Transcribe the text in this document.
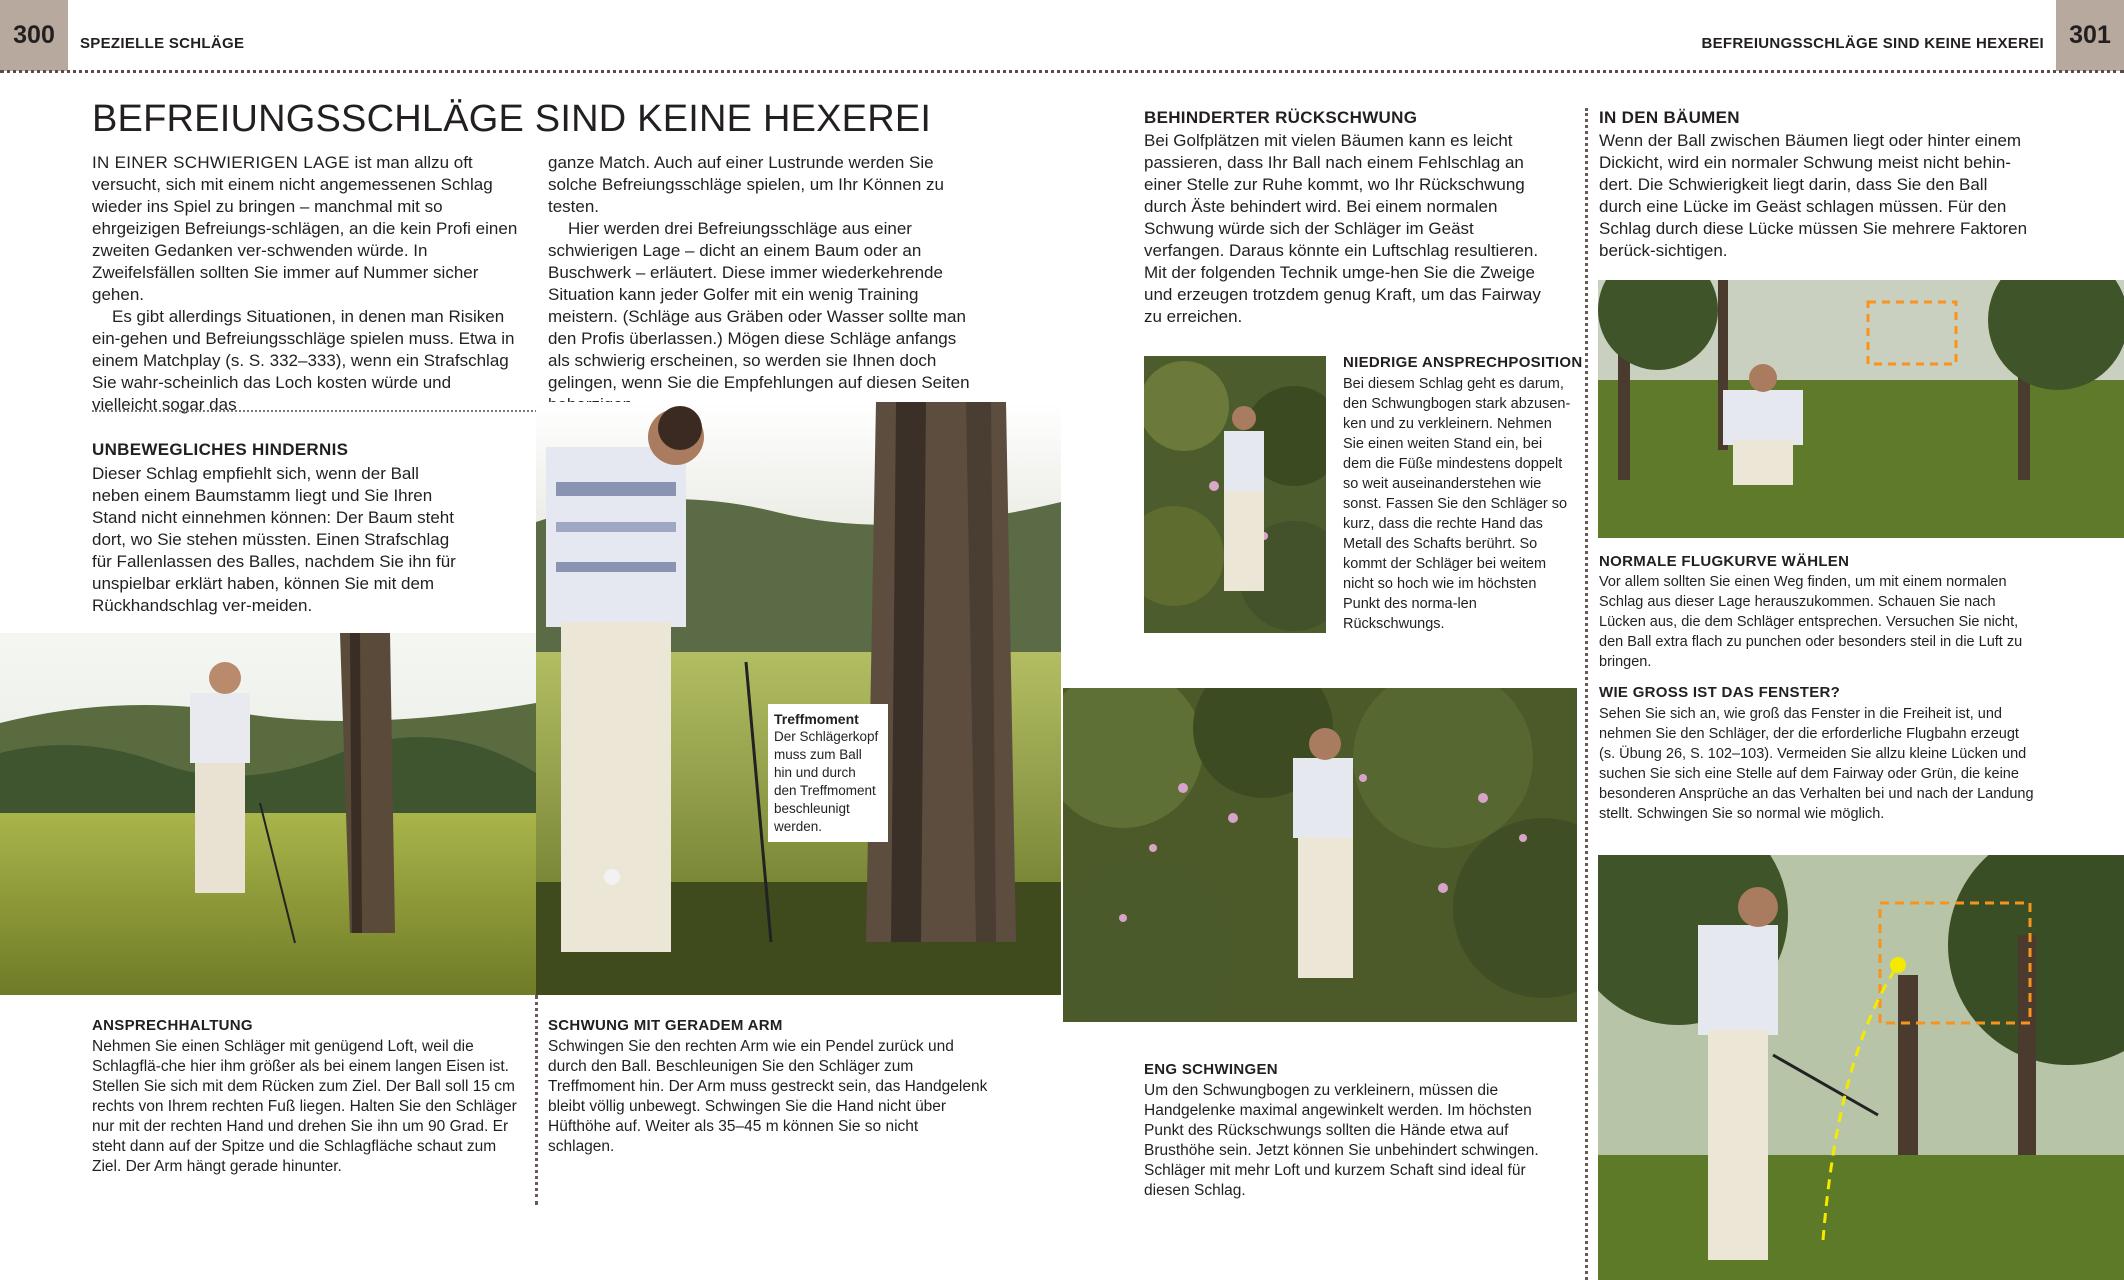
300 SPEZIELLE SCHLÄGE	BEFREIUNGSSCHLÄGE SIND KEINE HEXEREI 301
BEFREIUNGSSCHLÄGE SIND KEINE HEXEREI
IN EINER SCHWIERIGEN LAGE ist man allzu oft versucht, sich mit einem nicht angemessenen Schlag wieder ins Spiel zu bringen – manchmal mit so ehrgeizigen Befreiungs-schlägen, an die kein Profi einen zweiten Gedanken ver-schwenden würde. In Zweifelsfällen sollten Sie immer auf Nummer sicher gehen.
Es gibt allerdings Situationen, in denen man Risiken ein-gehen und Befreiungsschläge spielen muss. Etwa in einem Matchplay (s. S. 332–333), wenn ein Strafschlag Sie wahr-scheinlich das Loch kosten würde und vielleicht sogar das
ganze Match. Auch auf einer Lustrunde werden Sie solche Befreiungsschläge spielen, um Ihr Können zu testen.
Hier werden drei Befreiungsschläge aus einer schwierigen Lage – dicht an einem Baum oder an Buschwerk – erläutert. Diese immer wiederkehrende Situation kann jeder Golfer mit ein wenig Training meistern. (Schläge aus Gräben oder Wasser sollte man den Profis überlassen.) Mögen diese Schläge anfangs als schwierig erscheinen, so werden sie Ihnen doch gelingen, wenn Sie die Empfehlungen auf diesen Seiten
UNBEWEGLICHES HINDERNIS
Dieser Schlag empfiehlt sich, wenn der Ball neben einem Baumstamm liegt und Sie Ihren Stand nicht einnehmen können: Der Baum steht dort, wo Sie stehen müssten. Einen Strafschlag für Fallenlassen des Balles, nachdem Sie ihn für unspielbar erklärt haben, können Sie mit dem Rückhandschlag ver-meiden.
Treffmoment
Der Schlägerkopf muss zum Ball hin und durch den Treffmoment beschleunigt werden.
ANSPRECHHALTUNG
Nehmen Sie einen Schläger mit genügend Loft, weil die Schlagflä-che hier ihm größer als bei einem langen Eisen ist. Stellen Sie sich mit dem Rücken zum Ziel. Der Ball soll 15 cm rechts von Ihrem rechten Fuß liegen. Halten Sie den Schläger nur mit der rechten Hand und drehen Sie ihn um 90 Grad. Er steht dann auf der Spitze und die Schlagfläche schaut zum Ziel. Der Arm hängt gerade hinunter.
SCHWUNG MIT GERADEM ARM
Schwingen Sie den rechten Arm wie ein Pendel zurück und durch den Ball. Beschleunigen Sie den Schläger zum Treffmoment hin. Der Arm muss gestreckt sein, das Handgelenk bleibt völlig unbewegt. Schwingen Sie die Hand nicht über Hüfthöhe auf. Weiter als 35–45 m können Sie so nicht schlagen.
BEHINDERTER RÜCKSCHWUNG
Bei Golfplätzen mit vielen Bäumen kann es leicht passieren, dass Ihr Ball nach einem Fehlschlag an einer Stelle zur Ruhe kommt, wo Ihr Rückschwung durch Äste behindert wird. Bei einem normalen Schwung würde sich der Schläger im Geäst verfangen. Daraus könnte ein Luftschlag resultieren. Mit der folgenden Technik umge-hen Sie die Zweige und erzeugen trotzdem genug Kraft, um das Fairway zu erreichen.
NIEDRIGE ANSPRECHPOSITION
Bei diesem Schlag geht es darum, den Schwungbogen stark abzusen-ken und zu verkleinern. Nehmen Sie einen weiten Stand ein, bei dem die Füße mindestens doppelt so weit auseinanderstehen wie sonst. Fassen Sie den Schläger so kurz, dass die rechte Hand das Metall des Schafts berührt. So kommt der Schläger bei weitem nicht so hoch wie im höchsten Punkt des norma-len Rückschwungs.
ENG SCHWINGEN
Um den Schwungbogen zu verkleinern, müssen die Handgelenke maximal angewinkelt werden. Im höchsten Punkt des Rückschwungs sollten die Hände etwa auf Brusthöhe sein. Jetzt können Sie unbehindert schwingen. Schläger mit mehr Loft und kurzem Schaft sind ideal für diesen Schlag.
IN DEN BÄUMEN
Wenn der Ball zwischen Bäumen liegt oder hinter einem Dickicht, wird ein normaler Schwung meist nicht behin-dert. Die Schwierigkeit liegt darin, dass Sie den Ball durch eine Lücke im Geäst schlagen müssen. Für den Schlag durch diese Lücke müssen Sie mehrere Faktoren berück-sichtigen.
NORMALE FLUGKURVE WÄHLEN
Vor allem sollten Sie einen Weg finden, um mit einem normalen Schlag aus dieser Lage herauszukommen. Schauen Sie nach Lücken aus, die dem Schläger entsprechen. Versuchen Sie nicht, den Ball extra flach zu punchen oder besonders steil in die Luft zu bringen.
WIE GROSS IST DAS FENSTER?
Sehen Sie sich an, wie groß das Fenster in die Freiheit ist, und nehmen Sie den Schläger, der die erforderliche Flugbahn erzeugt (s. Übung 26, S. 102–103). Vermeiden Sie allzu kleine Lücken und suchen Sie sich eine Stelle auf dem Fairway oder Grün, die keine besonderen Ansprüche an das Verhalten bei und nach der Landung stellt. Schwingen Sie so normal wie möglich.
